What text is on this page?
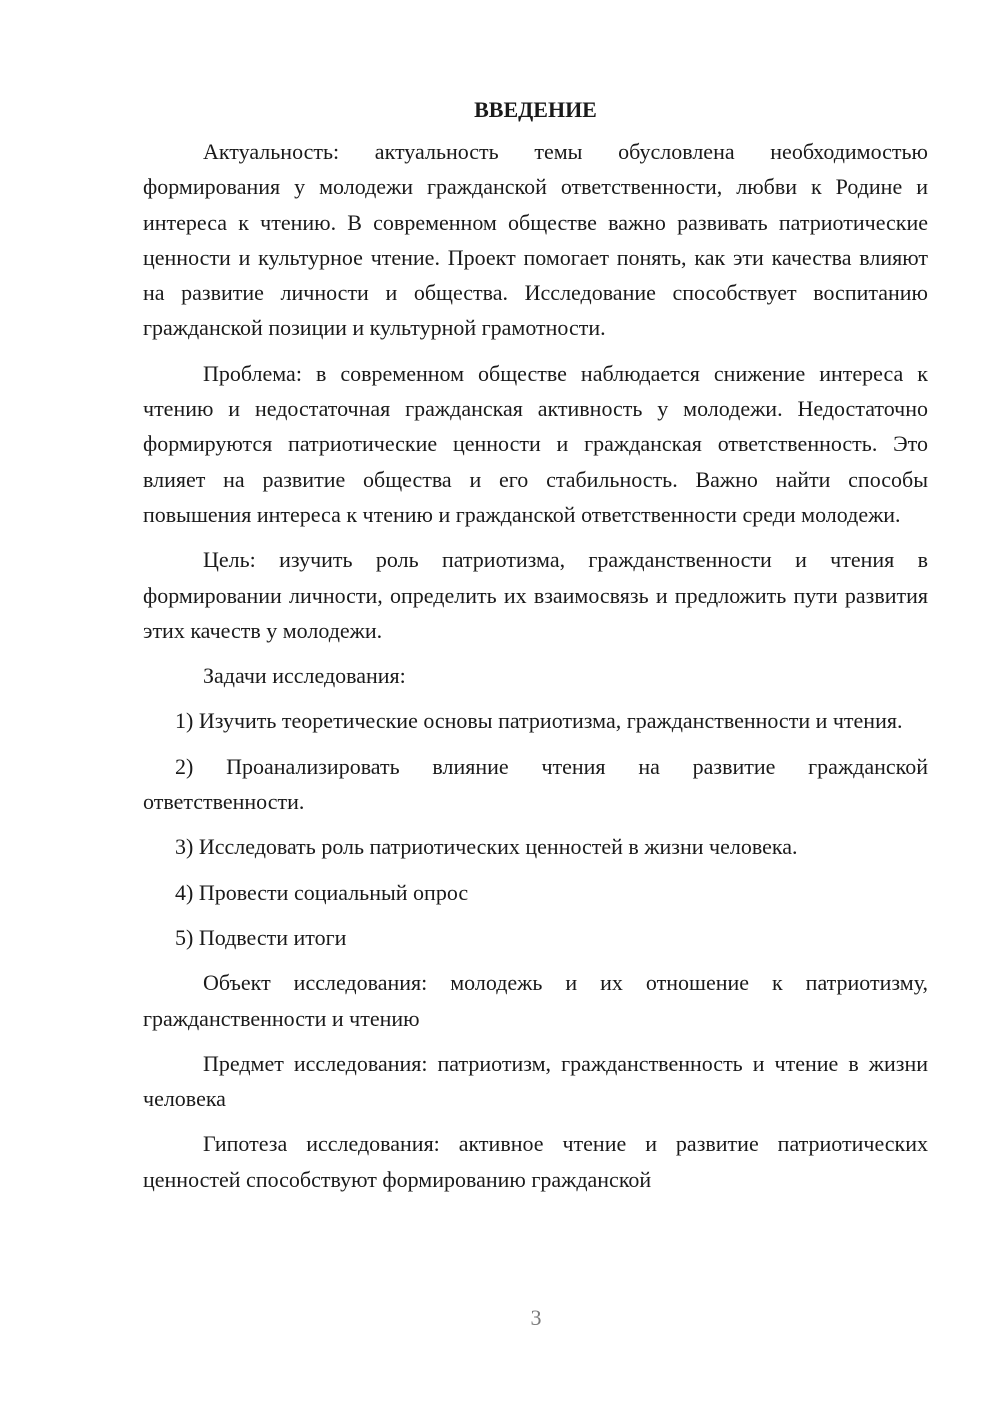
ВВЕДЕНИЕ

Актуальность: актуальность темы обусловлена необходимостью формирования у молодежи гражданской ответственности, любви к Родине и интереса к чтению. В современном обществе важно развивать патриотические ценности и культурное чтение. Проект помогает понять, как эти качества влияют на развитие личности и общества. Исследование способствует воспитанию гражданской позиции и культурной грамотности.

Проблема: в современном обществе наблюдается снижение интереса к чтению и недостаточная гражданская активность у молодежи. Недостаточно формируются патриотические ценности и гражданская ответственность. Это влияет на развитие общества и его стабильность. Важно найти способы повышения интереса к чтению и гражданской ответственности среди молодежи.

Цель: изучить роль патриотизма, гражданственности и чтения в формировании личности, определить их взаимосвязь и предложить пути развития этих качеств у молодежи.

Задачи исследования:

1) Изучить теоретические основы патриотизма, гражданственности и чтения.

2) Проанализировать влияние чтения на развитие гражданской ответственности.

3) Исследовать роль патриотических ценностей в жизни человека.

4) Провести социальный опрос

5) Подвести итоги

Объект исследования: молодежь и их отношение к патриотизму, гражданственности и чтению

Предмет исследования: патриотизм, гражданственность и чтение в жизни человека

Гипотеза исследования: активное чтение и развитие патриотических ценностей способствуют формированию гражданской

3
